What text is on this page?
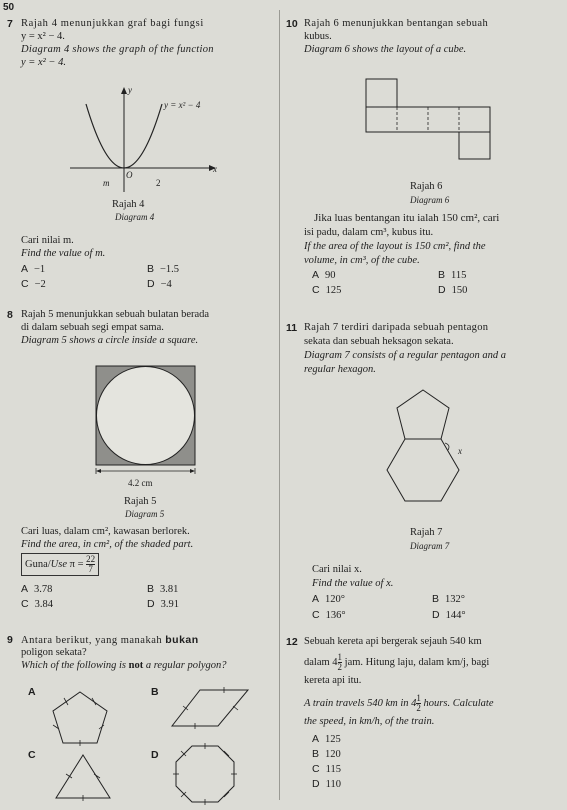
50
7 Rajah 4 menunjukkan graf bagi fungsi
y = x² − 4.
Diagram 4 shows the graph of the function
y = x² − 4.
y
x
y = x² − 4
O
m	2
Rajah 4
Diagram 4
Cari nilai m.
Find the value of m.
A −1	B −1.5
C −2	D −4
8 Rajah 5 menunjukkan sebuah bulatan berada
di dalam sebuah segi empat sama.
Diagram 5 shows a circle inside a square.
4.2 cm
Rajah 5
Diagram 5
Cari luas, dalam cm², kawasan berlorek.
Find the area, in cm², of the shaded part.
Guna/Use $\pi = \frac{22}{7}$
A 3.78	B 3.81
C 3.84	D 3.91
9 Antara berikut, yang manakah bukan
poligon sekata?
Which of the following is not a regular polygon?
A	B
C	D
10 Rajah 6 menunjukkan bentangan sebuah
kubus.
Diagram 6 shows the layout of a cube.
Rajah 6
Diagram 6
Jika luas bentangan itu ialah 150 cm², cari
isi padu, dalam cm³, kubus itu.
If the area of the layout is 150 cm², find the
volume, in cm³, of the cube.
A 90	B 115
C 125	D 150
11 Rajah 7 terdiri daripada sebuah pentagon
sekata dan sebuah heksagon sekata.
Diagram 7 consists of a regular pentagon and a
regular hexagon.
x
Rajah 7
Diagram 7
Cari nilai x.
Find the value of x.
A 120°	B 132°
C 136°	D 144°
12 Sebuah kereta api bergerak sejauh 540 km
dalam $4 \frac{1}{2}$ jam. Hitung laju, dalam km/j, bagi
kereta api itu.
A train travels 540 km in $4 \frac{1}{2}$ hours. Calculate
the speed, in km/h, of the train.
A 125
B 120
C 115
D 110
